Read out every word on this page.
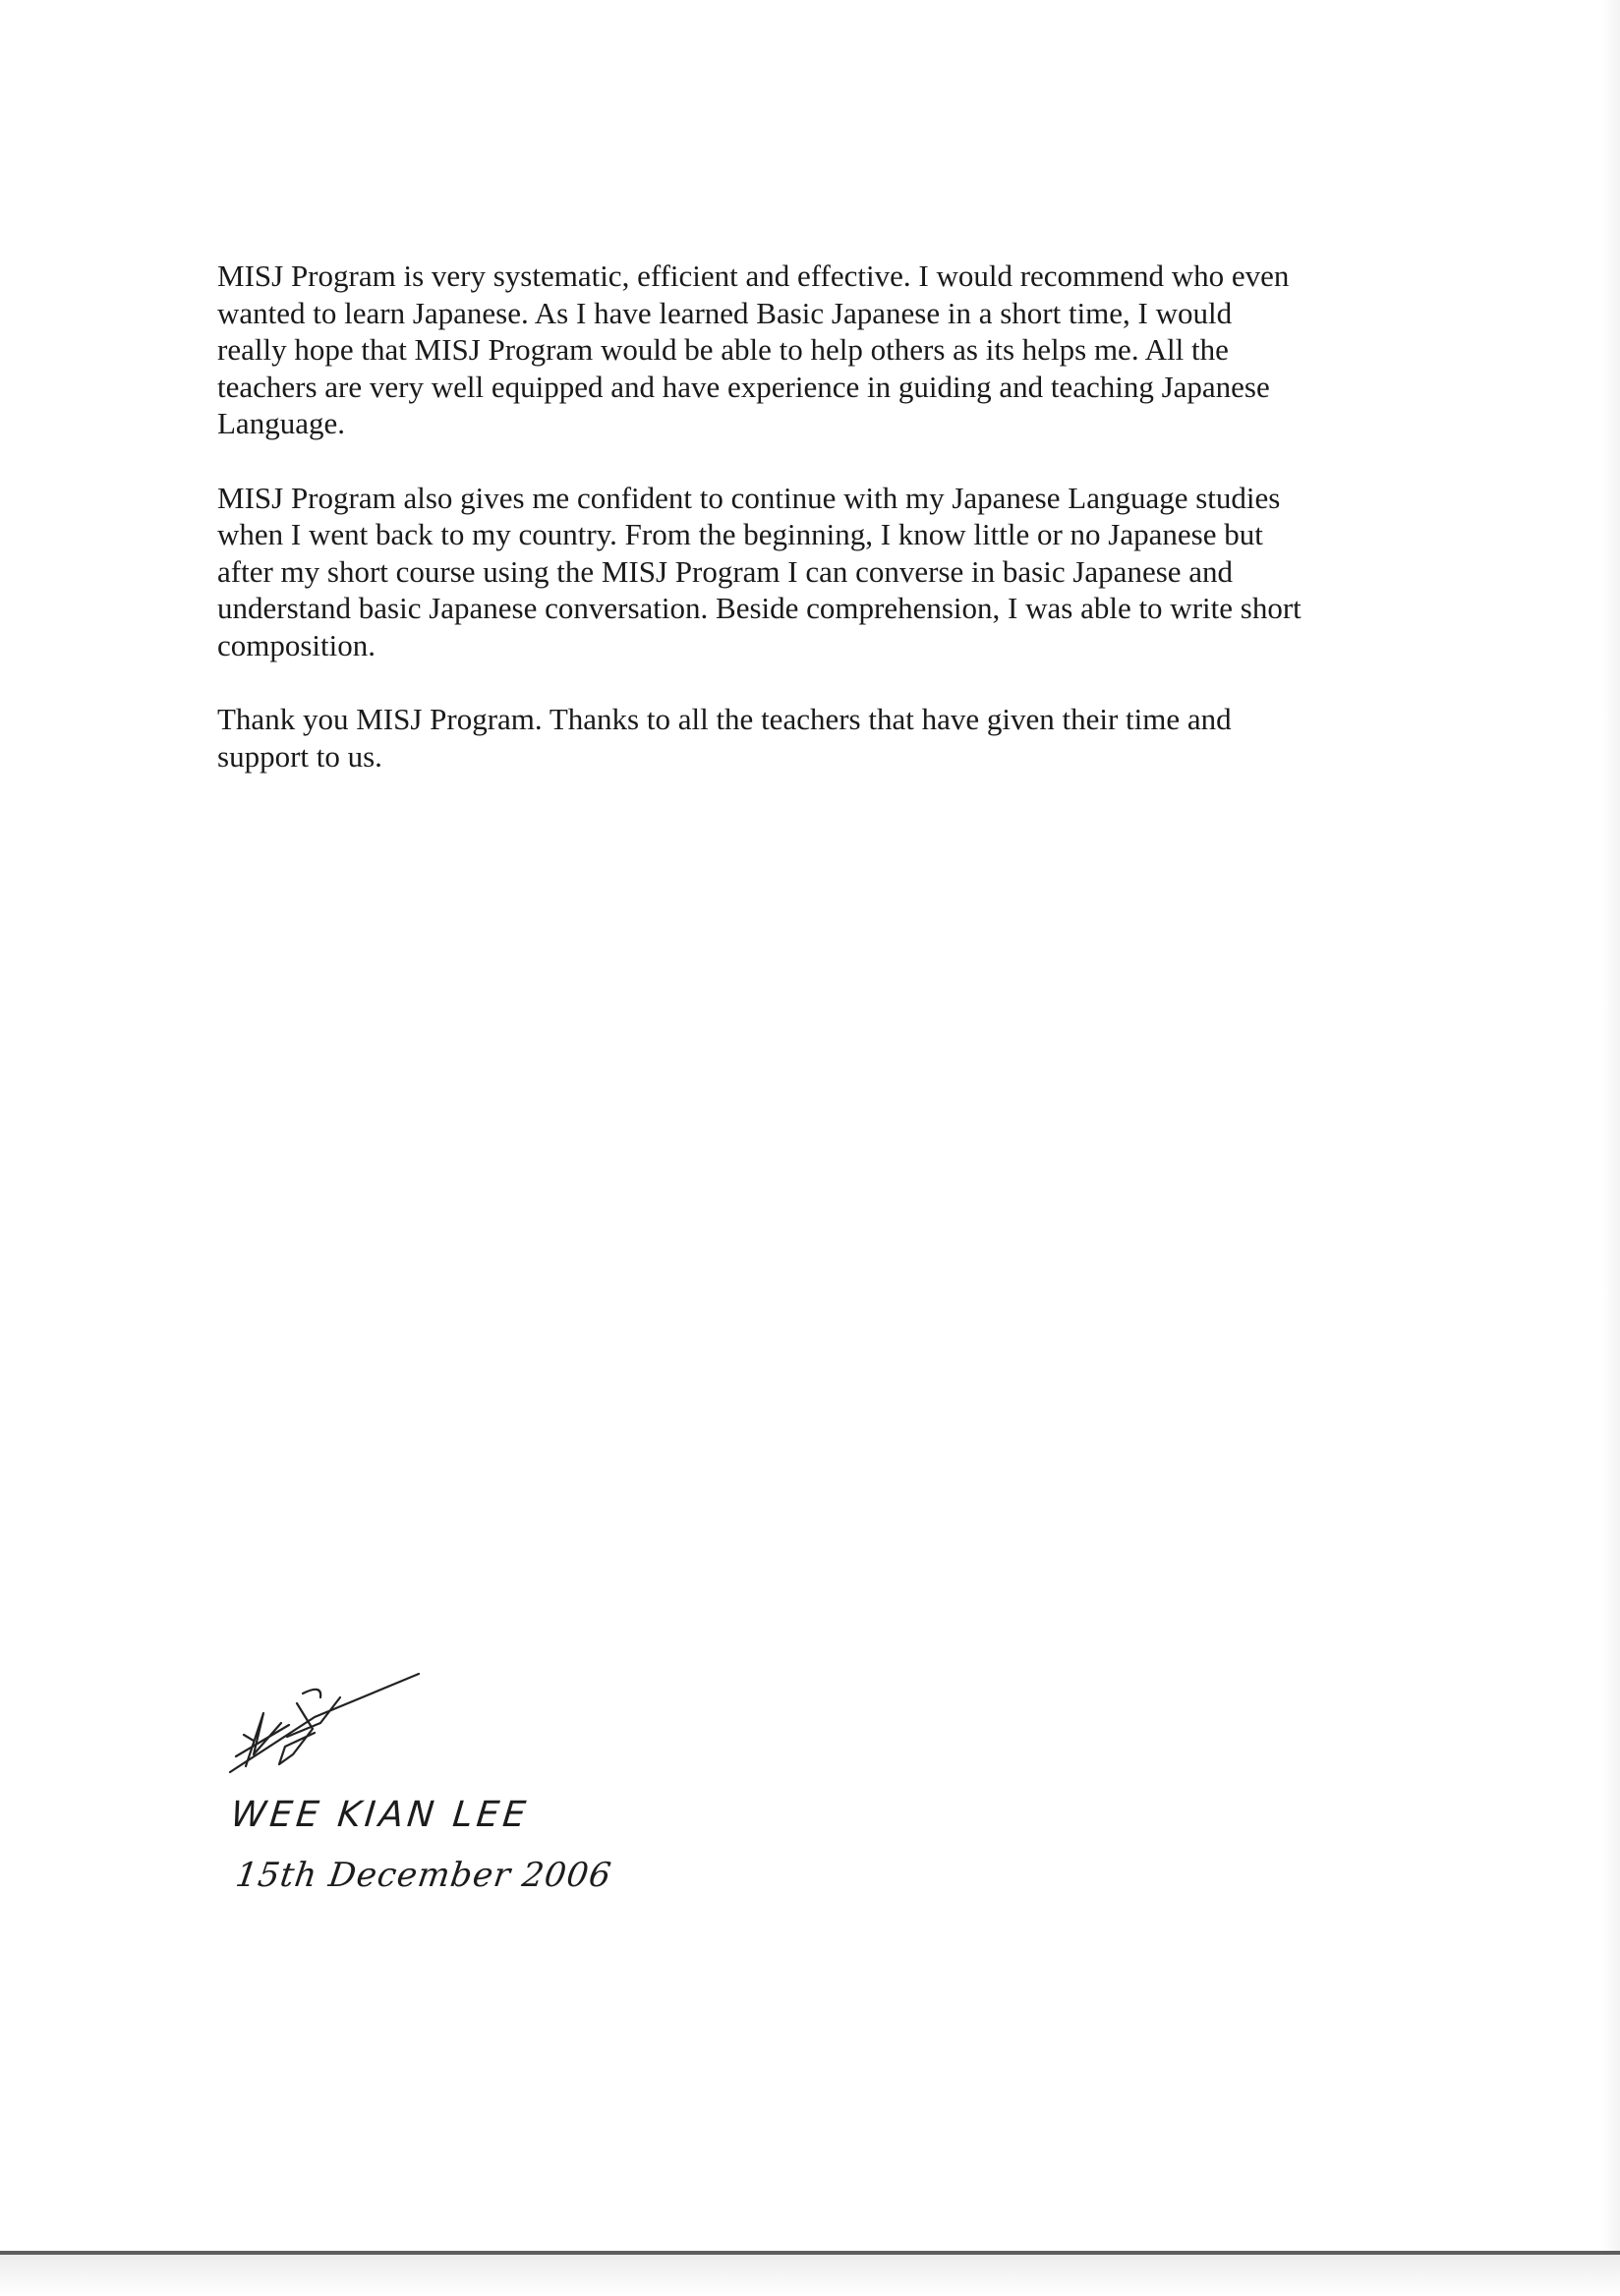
MISJ Program is very systematic, efficient and effective. I would recommend who even
wanted to learn Japanese. As I have learned Basic Japanese in a short time, I would
really hope that MISJ Program would be able to help others as its helps me. All the
teachers are very well equipped and have experience in guiding and teaching Japanese
Language.

MISJ Program also gives me confident to continue with my Japanese Language studies
when I went back to my country. From the beginning, I know little or no Japanese but
after my short course using the MISJ Program I can converse in basic Japanese and
understand basic Japanese conversation. Beside comprehension, I was able to write short
composition.

Thank you MISJ Program. Thanks to all the teachers that have given their time and
support to us.

WEE KIAN LEE
15th December 2006
